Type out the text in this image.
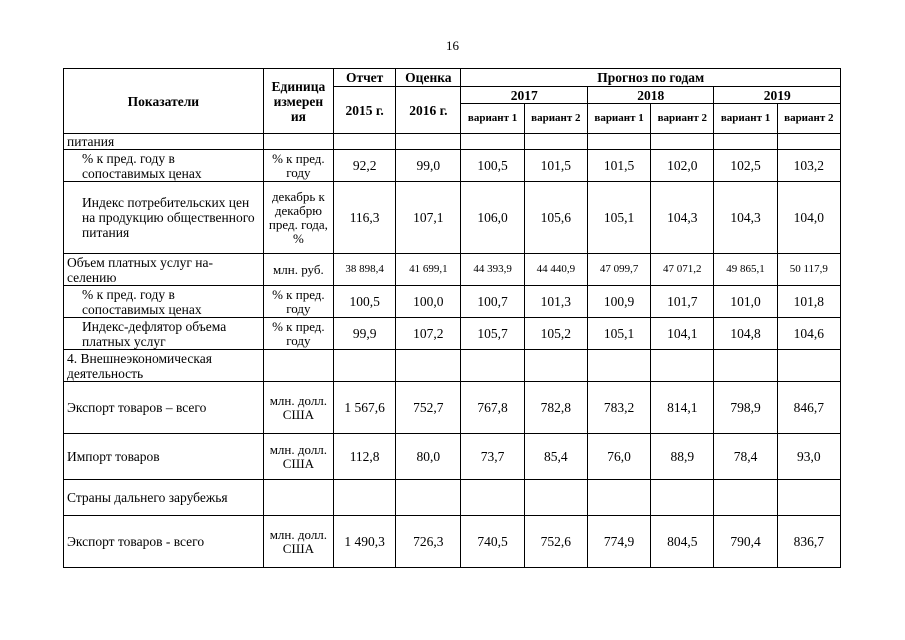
16
Показатели	Единица измерен ия	Отчет	Оценка	Прогноз по годам					
		2015 г.	2016 г.	2017		2018		2019	
				вариант 1	вариант 2	вариант 1	вариант 2	вариант 1	вариант 2
питания									
% к пред. году в сопоставимых ценах	% к пред. году	92,2	99,0	100,5	101,5	101,5	102,0	102,5	103,2
Индекс потребительских цен на продукцию общественного питания	декабрь к декабрю пред. года, %	116,3	107,1	106,0	105,6	105,1	104,3	104,3	104,0
Объем платных услуг на-селению	млн. руб.	38 898,4	41 699,1	44 393,9	44 440,9	47 099,7	47 071,2	49 865,1	50 117,9
% к пред. году в сопоставимых ценах	% к пред. году	100,5	100,0	100,7	101,3	100,9	101,7	101,0	101,8
Индекс-дефлятор объема платных услуг	% к пред. году	99,9	107,2	105,7	105,2	105,1	104,1	104,8	104,6
4. Внешнеэкономическая деятельность									
Экспорт товаров – всего	млн. долл. США	1 567,6	752,7	767,8	782,8	783,2	814,1	798,9	846,7
Импорт товаров	млн. долл. США	112,8	80,0	73,7	85,4	76,0	88,9	78,4	93,0
Страны дальнего зарубежья									
Экспорт товаров - всего	млн. долл. США	1 490,3	726,3	740,5	752,6	774,9	804,5	790,4	836,7
